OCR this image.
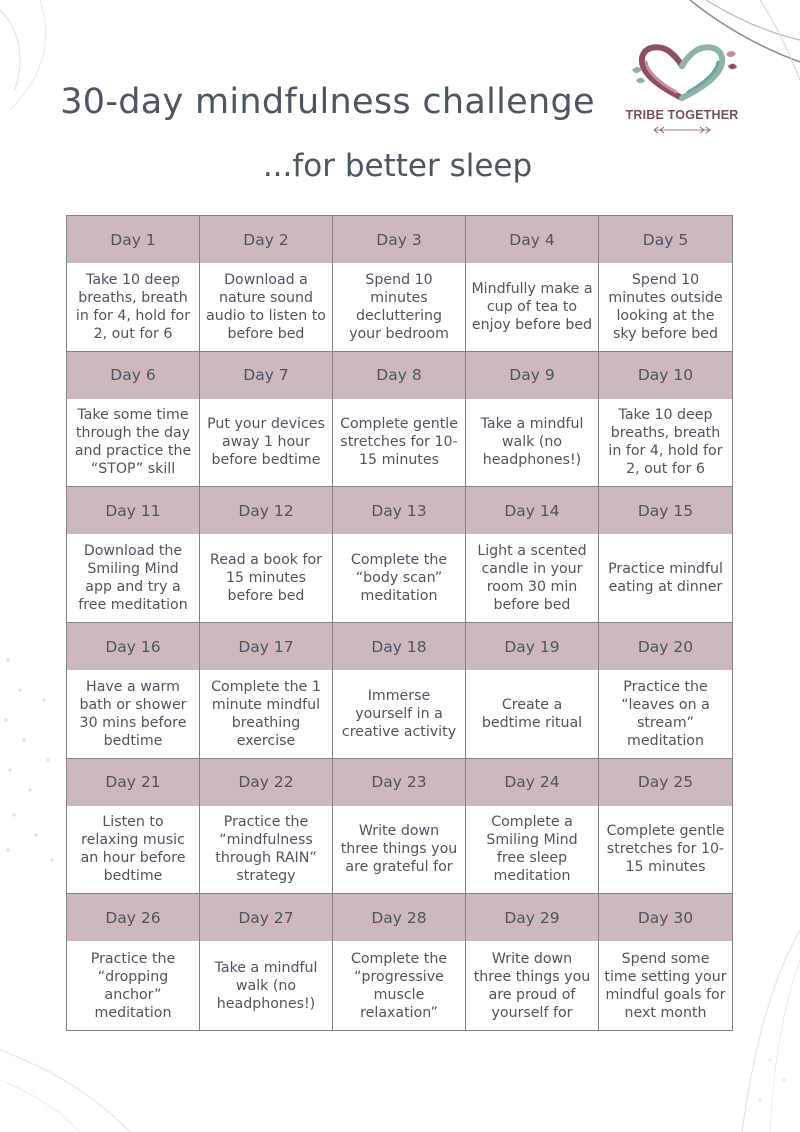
30-day mindfulness challenge
...for better sleep
TRIBE TOGETHER
Day 1
Take 10 deep breaths, breath in for 4, hold for 2, out for 6
Day 2
Download a nature sound audio to listen to before bed
Day 3
Spend 10 minutes decluttering your bedroom
Day 4
Mindfully make a cup of tea to enjoy before bed
Day 5
Spend 10 minutes outside looking at the sky before bed
Day 6
Take some time through the day and practice the “STOP” skill
Day 7
Put your devices away 1 hour before bedtime
Day 8
Complete gentle stretches for 10-15 minutes
Day 9
Take a mindful walk (no headphones!)
Day 10
Take 10 deep breaths, breath in for 4, hold for 2, out for 6
Day 11
Download the Smiling Mind app and try a free meditation
Day 12
Read a book for 15 minutes before bed
Day 13
Complete the “body scan” meditation
Day 14
Light a scented candle in your room 30 min before bed
Day 15
Practice mindful eating at dinner
Day 16
Have a warm bath or shower 30 mins before bedtime
Day 17
Complete the 1 minute mindful breathing exercise
Day 18
Immerse yourself in a creative activity
Day 19
Create a bedtime ritual
Day 20
Practice the “leaves on a stream” meditation
Day 21
Listen to relaxing music an hour before bedtime
Day 22
Practice the “mindfulness through RAIN” strategy
Day 23
Write down three things you are grateful for
Day 24
Complete a Smiling Mind free sleep meditation
Day 25
Complete gentle stretches for 10-15 minutes
Day 26
Practice the “dropping anchor” meditation
Day 27
Take a mindful walk (no headphones!)
Day 28
Complete the “progressive muscle relaxation”
Day 29
Write down three things you are proud of yourself for
Day 30
Spend some time setting your mindful goals for next month
